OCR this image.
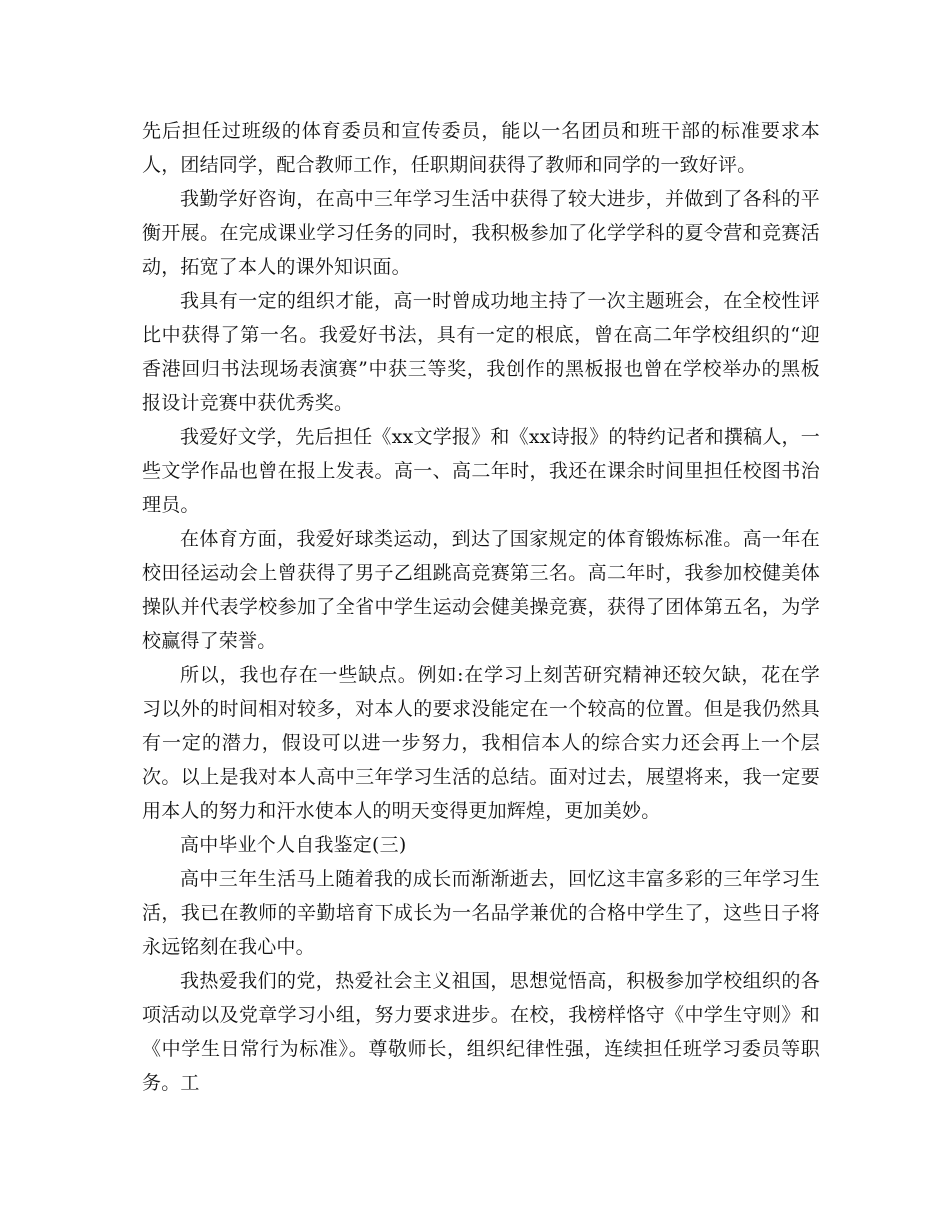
先后担任过班级的体育委员和宣传委员，能以一名团员和班干部的标准要求本人，团结同学，配合教师工作，任职期间获得了教师和同学的一致好评。

我勤学好咨询，在高中三年学习生活中获得了较大进步，并做到了各科的平衡开展。在完成课业学习任务的同时，我积极参加了化学学科的夏令营和竞赛活动，拓宽了本人的课外知识面。

我具有一定的组织才能，高一时曾成功地主持了一次主题班会，在全校性评比中获得了第一名。我爱好书法，具有一定的根底，曾在高二年学校组织的“迎香港回归书法现场表演赛”中获三等奖，我创作的黑板报也曾在学校举办的黑板报设计竞赛中获优秀奖。

我爱好文学，先后担任《xx文学报》和《xx诗报》的特约记者和撰稿人，一些文学作品也曾在报上发表。高一、高二年时，我还在课余时间里担任校图书治理员。

在体育方面，我爱好球类运动，到达了国家规定的体育锻炼标准。高一年在校田径运动会上曾获得了男子乙组跳高竞赛第三名。高二年时，我参加校健美体操队并代表学校参加了全省中学生运动会健美操竞赛，获得了团体第五名，为学校赢得了荣誉。

所以，我也存在一些缺点。例如:在学习上刻苦研究精神还较欠缺，花在学习以外的时间相对较多，对本人的要求没能定在一个较高的位置。但是我仍然具有一定的潜力，假设可以进一步努力，我相信本人的综合实力还会再上一个层次。以上是我对本人高中三年学习生活的总结。面对过去，展望将来，我一定要用本人的努力和汗水使本人的明天变得更加辉煌，更加美妙。

高中毕业个人自我鉴定(三)

高中三年生活马上随着我的成长而渐渐逝去，回忆这丰富多彩的三年学习生活，我已在教师的辛勤培育下成长为一名品学兼优的合格中学生了，这些日子将永远铭刻在我心中。

我热爱我们的党，热爱社会主义祖国，思想觉悟高，积极参加学校组织的各项活动以及党章学习小组，努力要求进步。在校，我榜样恪守《中学生守则》和《中学生日常行为标准》。尊敬师长，组织纪律性强，连续担任班学习委员等职务。工
